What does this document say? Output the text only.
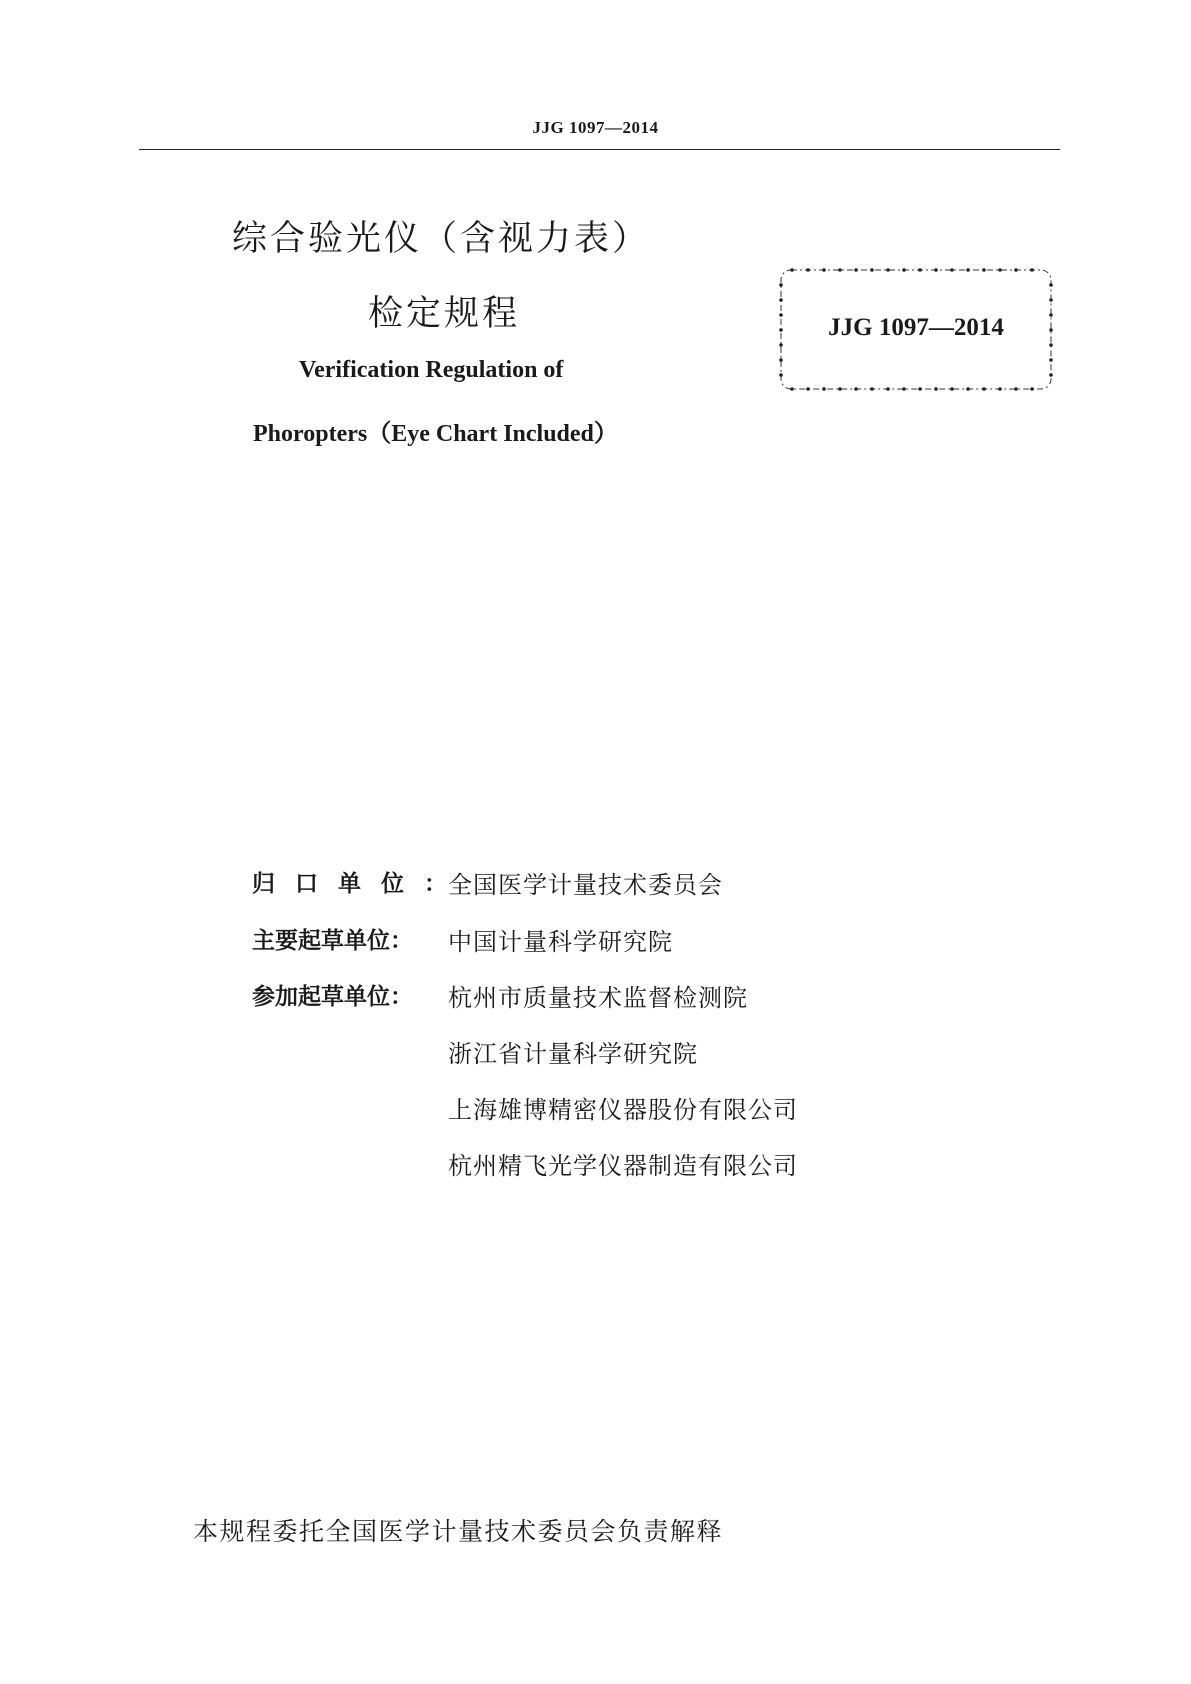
JJG 1097—2014
综合验光仪（含视力表）
检定规程
Verification Regulation of
Phoropters（Eye Chart Included）
JJG 1097—2014
归口单位：
全国医学计量技术委员会
主要起草单位：	中国计量科学研究院
参加起草单位：	杭州市质量技术监督检测院
浙江省计量科学研究院
上海雄博精密仪器股份有限公司
杭州精飞光学仪器制造有限公司
本规程委托全国医学计量技术委员会负责解释
